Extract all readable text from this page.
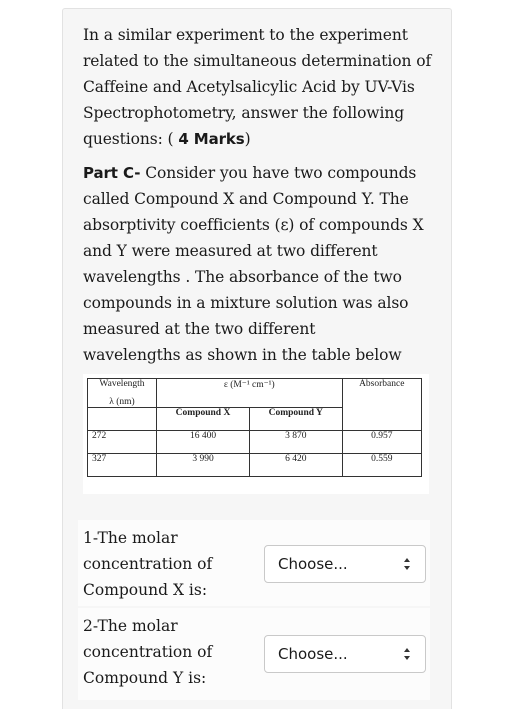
In a similar experiment to the experiment
related to the simultaneous determination of
Caffeine and Acetylsalicylic Acid by UV-Vis
Spectrophotometry, answer the following
questions: ( 4 Marks)
Part C- Consider you have two compounds
called Compound X and Compound Y. The
absorptivity coefficients (ε) of compounds X
and Y were measured at two different
wavelengths . The absorbance of the two
compounds in a mixture solution was also
measured at the two different
wavelengths as shown in the table below
Wavelength
λ (nm)	ε (M⁻¹ cm⁻¹)		Absorbance
	Compound X	Compound Y	
272	16 400	3 870	0.957
327	3 990	6 420	0.559
1-The molar
concentration of
Compound X is:
Choose...
2-The molar
concentration of
Compound Y is:
Choose...
